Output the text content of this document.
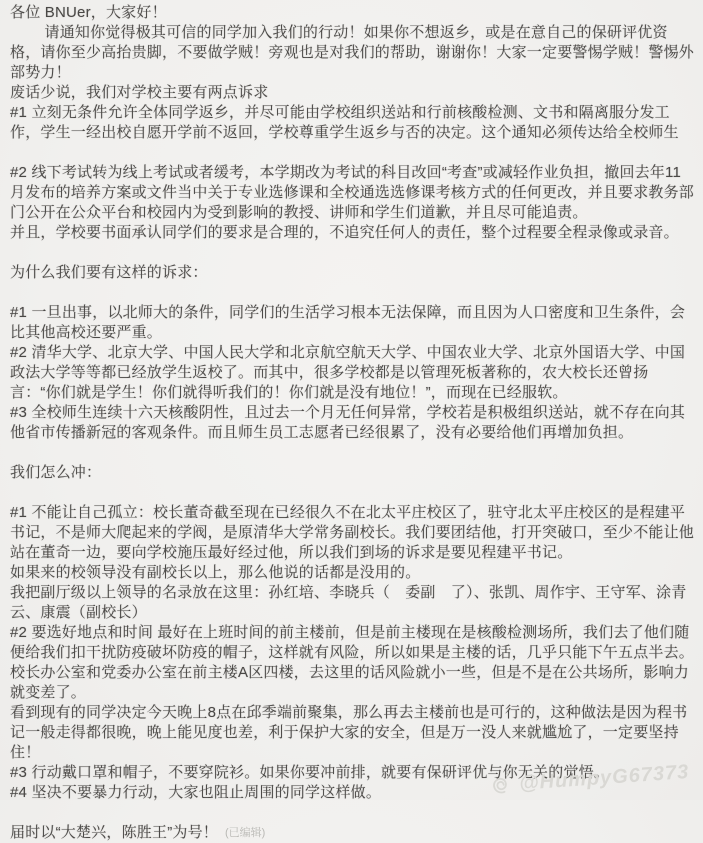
各位 BNUer，大家好！

请通知你觉得极其可信的同学加入我们的行动！如果你不想返乡，或是在意自己的保研评优资格，请你至少高抬贵脚，不要做学贼！旁观也是对我们的帮助，谢谢你！大家一定要警惕学贼！警惕外部势力！

废话少说，我们对学校主要有两点诉求

#1 立刻无条件允许全体同学返乡，并尽可能由学校组织送站和行前核酸检测、文书和隔离服分发工作，学生一经出校自愿开学前不返回，学校尊重学生返乡与否的决定。这个通知必须传达给全校师生

#2 线下考试转为线上考试或者缓考，本学期改为考试的科目改回“考查”或减轻作业负担，撤回去年11月发布的培养方案或文件当中关于专业选修课和全校通选选修课考核方式的任何更改，并且要求教务部门公开在公众平台和校园内为受到影响的教授、讲师和学生们道歉，并且尽可能追责。

并且，学校要书面承认同学们的要求是合理的，不追究任何人的责任，整个过程要全程录像或录音。

为什么我们要有这样的诉求：

#1 一旦出事，以北师大的条件，同学们的生活学习根本无法保障，而且因为人口密度和卫生条件，会比其他高校还要严重。

#2 清华大学、北京大学、中国人民大学和北京航空航天大学、中国农业大学、北京外国语大学、中国政法大学等等都已经放学生返校了。而其中，很多学校都是以管理死板著称的，农大校长还曾扬言：“你们就是学生！你们就得听我们的！你们就是没有地位！”，而现在已经服软。

#3 全校师生连续十六天核酸阴性，且过去一个月无任何异常，学校若是积极组织送站，就不存在向其他省市传播新冠的客观条件。而且师生员工志愿者已经很累了，没有必要给他们再增加负担。

我们怎么冲：

#1 不能让自己孤立：校长董奇截至现在已经很久不在北太平庄校区了，驻守北太平庄校区的是程建平书记，不是师大爬起来的学阀，是原清华大学常务副校长。我们要团结他，打开突破口，至少不能让他站在董奇一边，要向学校施压最好经过他，所以我们到场的诉求是要见程建平书记。

如果来的校领导没有副校长以上，那么他说的话都是没用的。

我把副厅级以上领导的名录放在这里：孙红培、李晓兵（　委副　了）、张凯、周作宇、王守军、涂青云、康震（副校长）

#2 要选好地点和时间 最好在上班时间的前主楼前，但是前主楼现在是核酸检测场所，我们去了他们随便给我们扣干扰防疫破坏防疫的帽子，这样就有风险，所以如果是主楼的话，几乎只能下午五点半去。

校长办公室和党委办公室在前主楼A区四楼，去这里的话风险就小一些，但是不是在公共场所，影响力就变差了。

看到现有的同学决定今天晚上8点在邱季端前聚集，那么再去主楼前也是可行的，这种做法是因为程书记一般走得都很晚，晚上能见度也差，利于保护大家的安全，但是万一没人来就尴尬了，一定要坚持住！

#3 行动戴口罩和帽子，不要穿院衫。如果你要冲前排，就要有保研评优与你无关的觉悟。

#4 坚决不要暴力行动，大家也阻止周围的同学这样做。

届时以“大楚兴，陈胜王”为号！ (已编辑)

@HumpyG67373
